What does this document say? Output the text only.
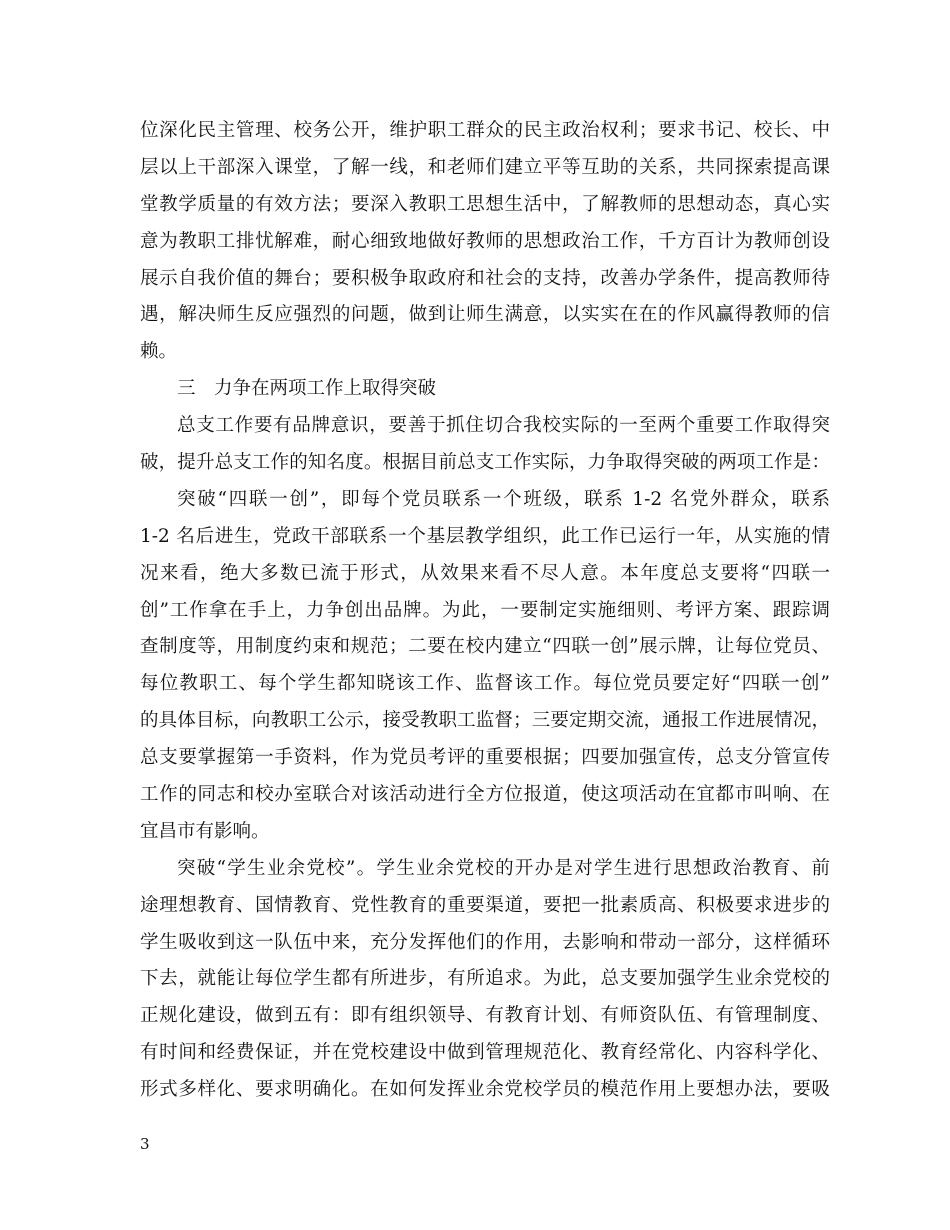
位深化民主管理、校务公开，维护职工群众的民主政治权利；要求书记、校长、中
层以上干部深入课堂，了解一线，和老师们建立平等互助的关系，共同探索提高课
堂教学质量的有效方法；要深入教职工思想生活中，了解教师的思想动态，真心实
意为教职工排忧解难，耐心细致地做好教师的思想政治工作，千方百计为教师创设
展示自我价值的舞台；要积极争取政府和社会的支持，改善办学条件，提高教师待
遇，解决师生反应强烈的问题，做到让师生满意，以实实在在的作风赢得教师的信
赖。
三　力争在两项工作上取得突破
总支工作要有品牌意识，要善于抓住切合我校实际的一至两个重要工作取得突
破，提升总支工作的知名度。根据目前总支工作实际，力争取得突破的两项工作是：
突破“四联一创”，即每个党员联系一个班级，联系 1-2 名党外群众，联系
1-2 名后进生，党政干部联系一个基层教学组织，此工作已运行一年，从实施的情
况来看，绝大多数已流于形式，从效果来看不尽人意。本年度总支要将“四联一
创”工作拿在手上，力争创出品牌。为此，一要制定实施细则、考评方案、跟踪调
查制度等，用制度约束和规范；二要在校内建立“四联一创”展示牌，让每位党员、
每位教职工、每个学生都知晓该工作、监督该工作。每位党员要定好“四联一创”
的具体目标，向教职工公示，接受教职工监督；三要定期交流，通报工作进展情况，
总支要掌握第一手资料，作为党员考评的重要根据；四要加强宣传，总支分管宣传
工作的同志和校办室联合对该活动进行全方位报道，使这项活动在宜都市叫响、在
宜昌市有影响。
突破“学生业余党校”。学生业余党校的开办是对学生进行思想政治教育、前
途理想教育、国情教育、党性教育的重要渠道，要把一批素质高、积极要求进步的
学生吸收到这一队伍中来，充分发挥他们的作用，去影响和带动一部分，这样循环
下去，就能让每位学生都有所进步，有所追求。为此，总支要加强学生业余党校的
正规化建设，做到五有：即有组织领导、有教育计划、有师资队伍、有管理制度、
有时间和经费保证，并在党校建设中做到管理规范化、教育经常化、内容科学化、
形式多样化、要求明确化。在如何发挥业余党校学员的模范作用上要想办法，要吸
3
